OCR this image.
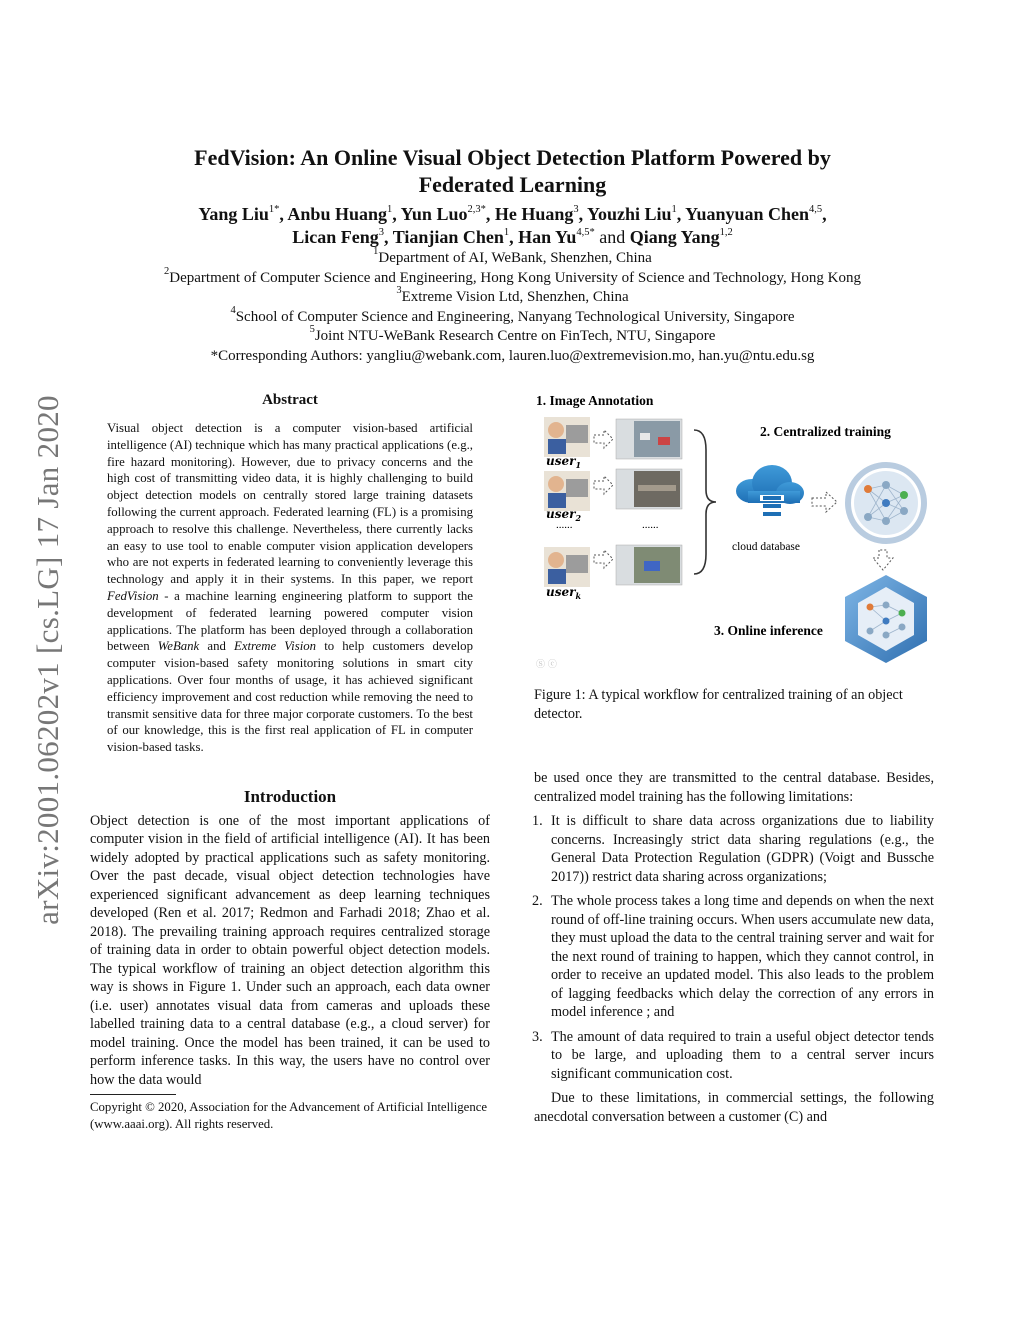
arXiv:2001.06202v1 [cs.LG] 17 Jan 2020
FedVision: An Online Visual Object Detection Platform Powered by
Federated Learning
Yang Liu$^{1*}$, Anbu Huang$^1$, Yun Luo$^{2,3*}$, He Huang$^3$, Youzhi Liu$^1$, Yuanyuan Chen$^{4,5}$,
Lican Feng$^3$, Tianjian Chen$^1$, Han $Yu^{4,5*}$ and Qiang Yang$^{1,2}$
$^1$Department of AI, WeBank, Shenzhen, China
$^2$Department of Computer Science and Engineering, Hong Kong University of Science and Technology, Hong Kong
$^3$Extreme Vision Ltd, Shenzhen, China
$^4$School of Computer Science and Engineering, Nanyang Technological University, Singapore
$^5$Joint NTU-WeBank Research Centre on FinTech, NTU, Singapore
*Corresponding Authors: yangliu@webank.com, lauren.luo@extremevision.mo, han.yu@ntu.edu.sg
Abstract
Visual object detection is a computer vision-based artificial intelligence (AI) technique which has many practical applications (e.g., fire hazard monitoring). However, due to privacy concerns and the high cost of transmitting video data, it is highly challenging to build object detection models on centrally stored large training datasets following the current approach. Federated learning (FL) is a promising approach to resolve this challenge. Nevertheless, there currently lacks an easy to use tool to enable computer vision application developers who are not experts in federated learning to conveniently leverage this technology and apply it in their systems. In this paper, we report FedVision - a machine learning engineering platform to support the development of federated learning powered computer vision applications. The platform has been deployed through a collaboration between WeBank and Extreme Vision to help customers develop computer vision-based safety monitoring solutions in smart city applications. Over four months of usage, it has achieved significant efficiency improvement and cost reduction while removing the need to transmit sensitive data for three major corporate customers. To the best of our knowledge, this is the first real application of FL in computer vision-based tasks.
Introduction

Object detection is one of the most important applications of computer vision in the field of artificial intelligence (AI). It has been widely adopted by practical applications such as safety monitoring. Over the past decade, visual object detection technologies have experienced significant advancement as deep learning techniques developed (Ren et al. 2017; Redmon and Farhadi 2018; Zhao et al. 2018). The prevailing training approach requires centralized storage of training data in order to obtain powerful object detection models. The typical workflow of training an object detection algorithm this way is shows in Figure 1. Under such an approach, each data owner (i.e. user) annotates visual data from cameras and uploads these labelled training data to a central database (e.g., a cloud server) for model training. Once the model has been trained, it can be used to perform inference tasks. In this way, the users have no control over how the data would

Copyright © 2020, Association for the Advancement of Artificial Intelligence (www.aaai.org). All rights reserved.
1. Image Annotation
2. Centralized training
3. Online inference
user$_1$
user$_2$
......	......
user$_k$
cloud database
Ⓢ ⓒ
Figure 1: A typical workflow for centralized training of an object detector.

be used once they are transmitted to the central database. Besides, centralized model training has the following limitations:

1. It is difficult to share data across organizations due to liability concerns. Increasingly strict data sharing regulations (e.g., the General Data Protection Regulation (GDPR) (Voigt and Bussche 2017)) restrict data sharing across organizations;
2. The whole process takes a long time and depends on when the next round of off-line training occurs. When users accumulate new data, they must upload the data to the central training server and wait for the next round of training to happen, which they cannot control, in order to receive an updated model. This also leads to the problem of lagging feedbacks which delay the correction of any errors in model inference ; and
3. The amount of data required to train a useful object detector tends to be large, and uploading them to a central server incurs significant communication cost.

Due to these limitations, in commercial settings, the following anecdotal conversation between a customer (C) and
